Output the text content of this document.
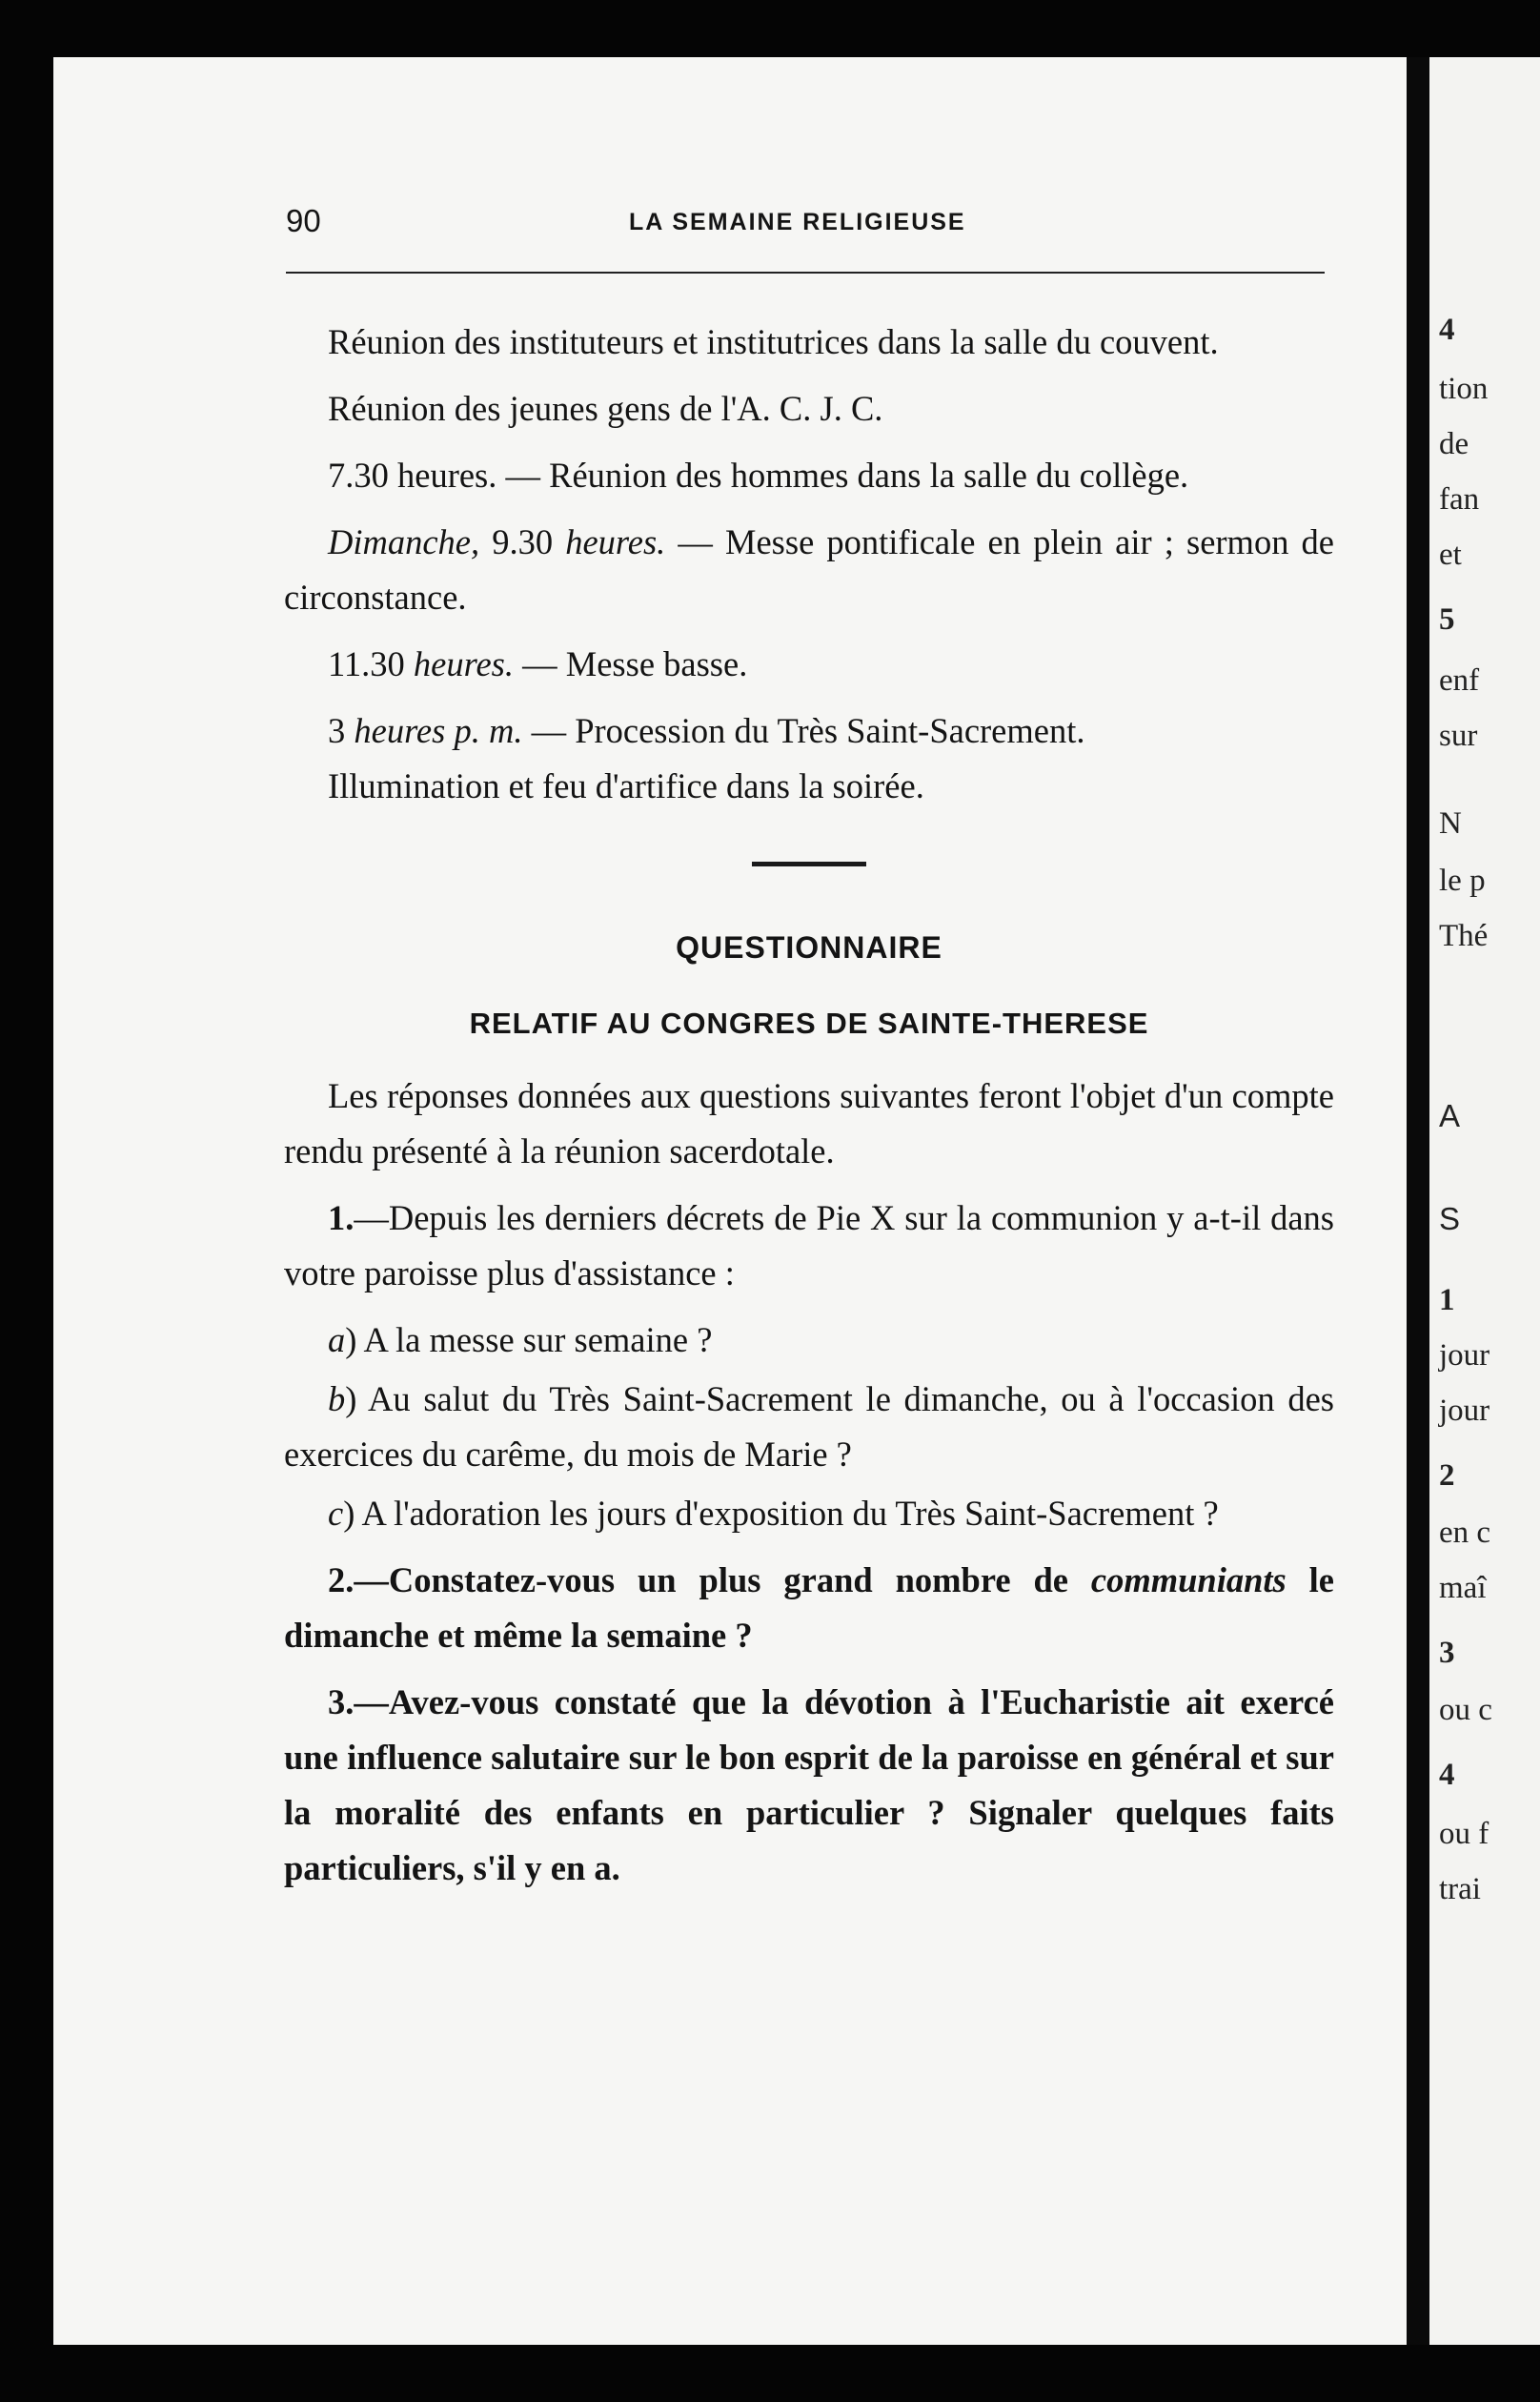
4
tion
de
fan
et
5
enf
sur
N
le p
Thé
A
S
1
jour
jour
2
en c
maî
3
ou c
4
ou f
trai
90	LA SEMAINE RELIGIEUSE

Réunion des instituteurs et institutrices dans la salle du couvent.

Réunion des jeunes gens de l'A. C. J. C.

7.30 heures. — Réunion des hommes dans la salle du collège.

Dimanche, 9.30 heures. — Messe pontificale en plein air ; sermon de circonstance.

11.30 heures. — Messe basse.

3 heures p. m. — Procession du Très Saint-Sacrement.

Illumination et feu d'artifice dans la soirée.

QUESTIONNAIRE
RELATIF AU CONGRES DE SAINTE-THERESE

Les réponses données aux questions suivantes feront l'objet d'un compte rendu présenté à la réunion sacerdotale.

1.—Depuis les derniers décrets de Pie X sur la communion y a-t-il dans votre paroisse plus d'assistance :

a) A la messe sur semaine ?

b) Au salut du Très Saint-Sacrement le dimanche, ou à l'occasion des exercices du carême, du mois de Marie ?

c) A l'adoration les jours d'exposition du Très Saint-Sacrement ?

2.—Constatez-vous un plus grand nombre de communiants le dimanche et même la semaine ?

3.—Avez-vous constaté que la dévotion à l'Eucharistie ait exercé une influence salutaire sur le bon esprit de la paroisse en général et sur la moralité des enfants en particulier ? Signaler quelques faits particuliers, s'il y en a.
